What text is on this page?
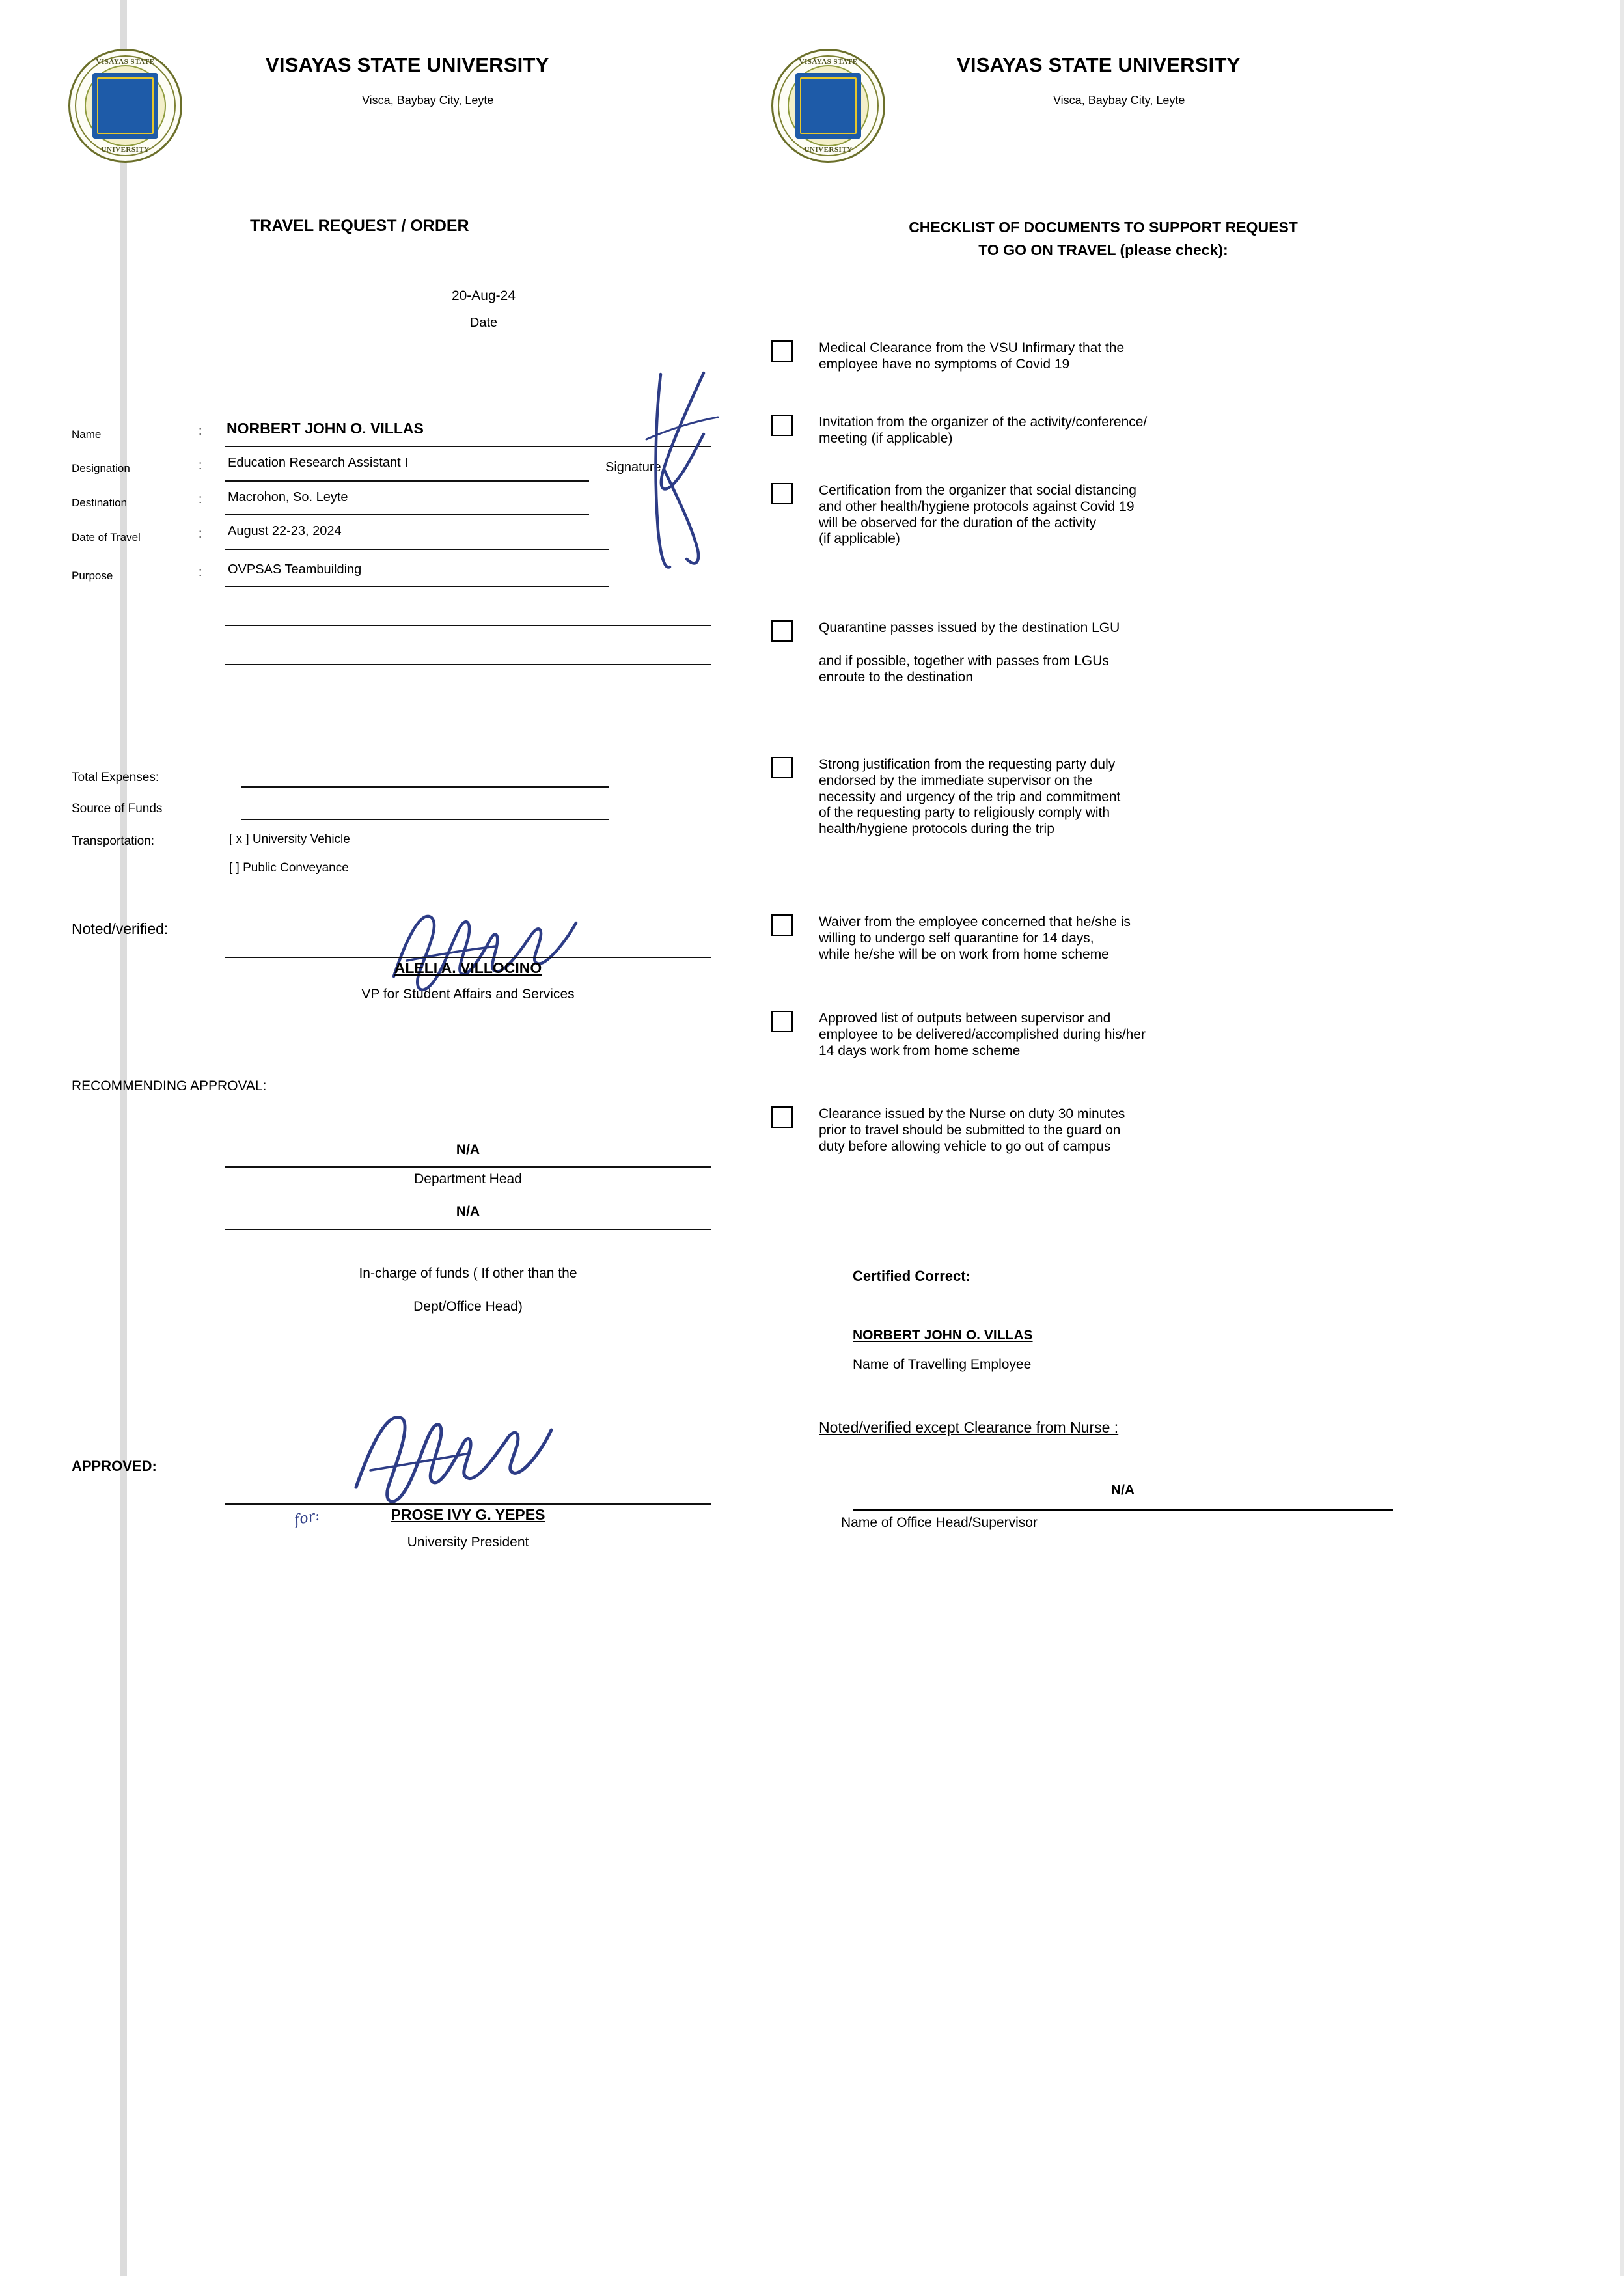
VISAYAS STATE
UNIVERSITY
VISAYAS STATE
UNIVERSITY
VISAYAS STATE UNIVERSITY
Visca, Baybay City, Leyte
VISAYAS STATE UNIVERSITY
Visca, Baybay City, Leyte
TRAVEL REQUEST / ORDER
20-Aug-24
Date
Name	: NORBERT JOHN O. VILLAS
Designation	: Education Research Assistant I	Signature
Destination	: Macrohon, So. Leyte
Date of Travel	: August 22-23, 2024
Purpose	: OVPSAS Teambuilding
Total Expenses:
Source of Funds
Transportation:	[ x ] University Vehicle
[ ] Public Conveyance
Noted/verified:
ALELI A. VILLOCINO
VP for Student Affairs and Services
RECOMMENDING APPROVAL:
N/A
Department Head
N/A
In-charge of funds ( If other than the
Dept/Office Head)
APPROVED:
for:	PROSE IVY G. YEPES
University President
CHECKLIST OF DOCUMENTS TO SUPPORT REQUEST
TO GO ON TRAVEL (please check):
Medical Clearance from the VSU Infirmary that the
employee have no symptoms of Covid 19
Invitation from the organizer of the activity/conference/
meeting (if applicable)
Certification from the organizer that social distancing
and other health/hygiene protocols against Covid 19
will be observed for the duration of the activity
(if applicable)
Quarantine passes issued by the destination LGU
and if possible, together with passes from LGUs
enroute to the destination
Strong justification from the requesting party duly
endorsed by the immediate supervisor on the
necessity and urgency of the trip and commitment
of the requesting party to religiously comply with
health/hygiene protocols during the trip
Waiver from the employee concerned that he/she is
willing to undergo self quarantine for 14 days,
while he/she will be on work from home scheme
Approved list of outputs between supervisor and
employee to be delivered/accomplished during his/her
14 days work from home scheme
Clearance issued by the Nurse on duty 30 minutes
prior to travel should be submitted to the guard on
duty before allowing vehicle to go out of campus
Certified Correct:
NORBERT JOHN O. VILLAS
Name of Travelling Employee
Noted/verified except Clearance from Nurse :
N/A
Name of Office Head/Supervisor
